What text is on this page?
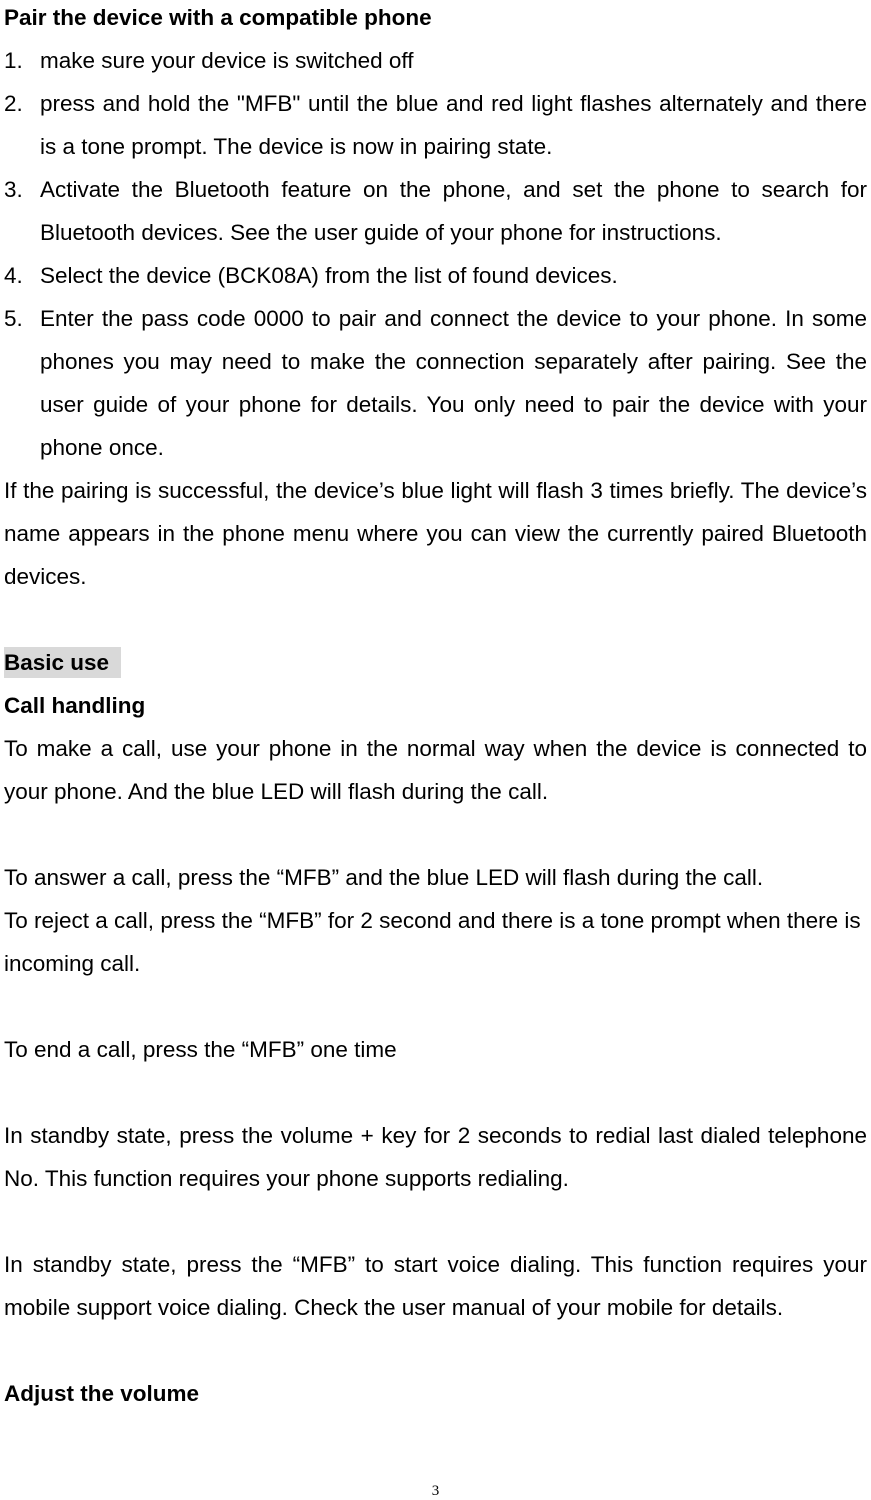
Pair the device with a compatible phone
1. make sure your device is switched off
2. press and hold the "MFB" until the blue and red light flashes alternately and there is a tone prompt. The device is now in pairing state.
3. Activate the Bluetooth feature on the phone, and set the phone to search for Bluetooth devices. See the user guide of your phone for instructions.
4. Select the device (BCK08A) from the list of found devices.
5. Enter the pass code 0000 to pair and connect the device to your phone. In some phones you may need to make the connection separately after pairing. See the user guide of your phone for details. You only need to pair the device with your phone once.

If the pairing is successful, the device’s blue light will flash 3 times briefly. The device’s name appears in the phone menu where you can view the currently paired Bluetooth devices.

Basic use
Call handling

To make a call, use your phone in the normal way when the device is connected to your phone. And the blue LED will flash during the call.

To answer a call, press the “MFB” and the blue LED will flash during the call.

To reject a call, press the “MFB” for 2 second and there is a tone prompt when there is incoming call.

To end a call, press the “MFB” one time

In standby state, press the volume + key for 2 seconds to redial last dialed telephone No. This function requires your phone supports redialing.

In standby state, press the “MFB” to start voice dialing. This function requires your mobile support voice dialing. Check the user manual of your mobile for details.

Adjust the volume
3
